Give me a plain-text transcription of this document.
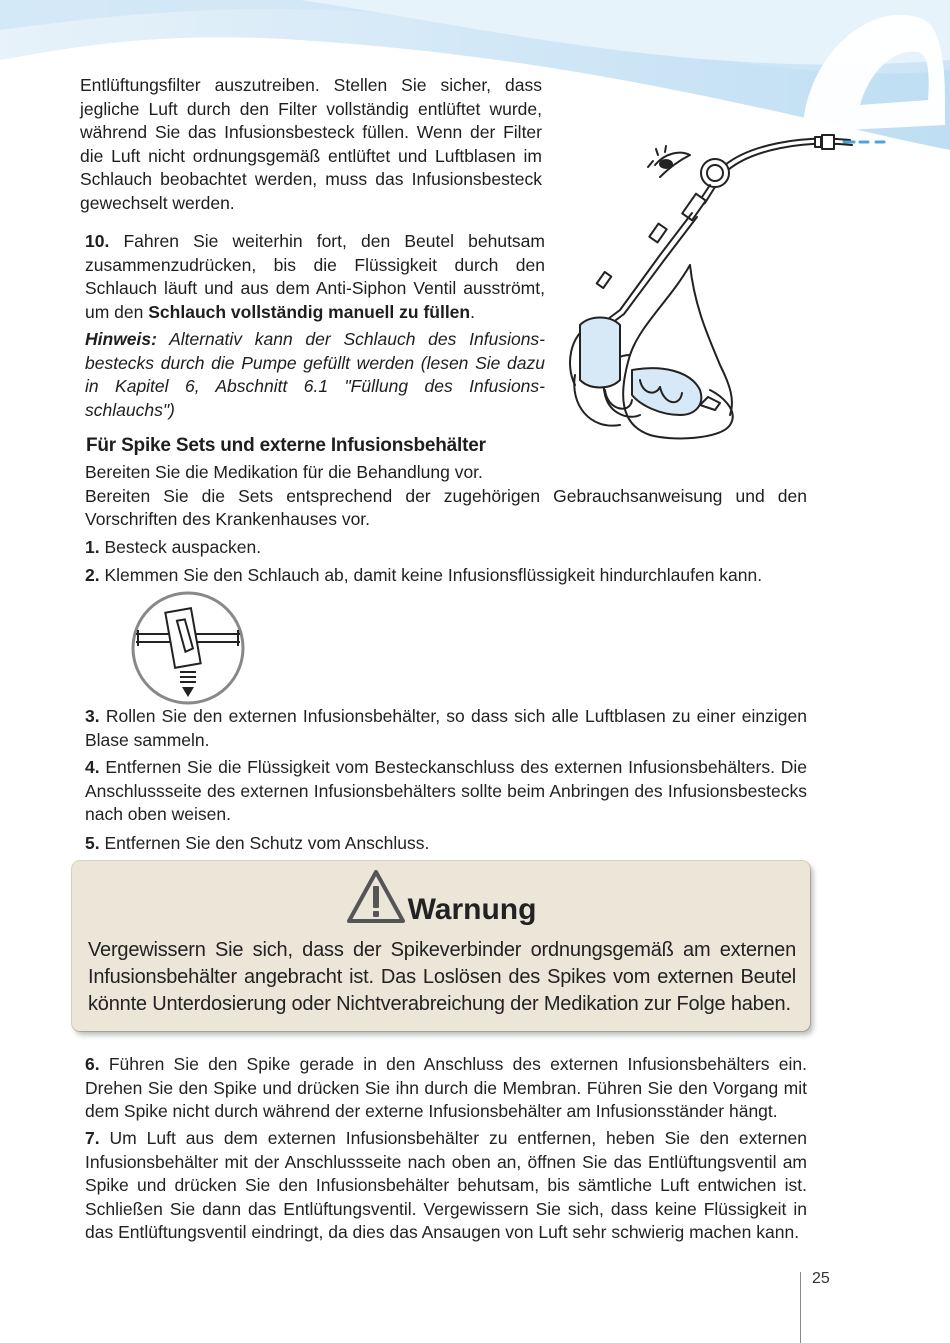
Entlüftungsfilter auszutreiben. Stellen Sie sicher, dass jegliche Luft durch den Filter vollständig entlüftet wurde, während Sie das Infusionsbesteck füllen. Wenn der Filter die Luft nicht ordnungsgemäß entlüftet und Luftblasen im Schlauch beobachtet werden, muss das Infusionsbesteck gewechselt werden.
10. Fahren Sie weiterhin fort, den Beutel behutsam zusammenzudrücken, bis die Flüssigkeit durch den Schlauch läuft und aus dem Anti-Siphon Ventil ausströmt, um den Schlauch vollständig manuell zu füllen.
Hinweis: Alternativ kann der Schlauch des Infusions-bestecks durch die Pumpe gefüllt werden (lesen Sie dazu in Kapitel 6, Abschnitt 6.1 "Füllung des Infusions-schlauchs")
Für Spike Sets und externe Infusionsbehälter
Bereiten Sie die Medikation für die Behandlung vor.
Bereiten Sie die Sets entsprechend der zugehörigen Gebrauchsanweisung und den Vorschriften des Krankenhauses vor.
1. Besteck auspacken.
2. Klemmen Sie den Schlauch ab, damit keine Infusionsflüssigkeit hindurchlaufen kann.
3. Rollen Sie den externen Infusionsbehälter, so dass sich alle Luftblasen zu einer einzigen Blase sammeln.
4. Entfernen Sie die Flüssigkeit vom Besteckanschluss des externen Infusionsbehälters. Die Anschlussseite des externen Infusionsbehälters sollte beim Anbringen des Infusionsbestecks nach oben weisen.
5. Entfernen Sie den Schutz vom Anschluss.
Warnung
Vergewissern Sie sich, dass der Spikeverbinder ordnungsgemäß am externen Infusionsbehälter angebracht ist. Das Loslösen des Spikes vom externen Beutel könnte Unterdosierung oder Nichtverabreichung der Medikation zur Folge haben.
6. Führen Sie den Spike gerade in den Anschluss des externen Infusionsbehälters ein. Drehen Sie den Spike und drücken Sie ihn durch die Membran. Führen Sie den Vorgang mit dem Spike nicht durch während der externe Infusionsbehälter am Infusionsständer hängt.
7. Um Luft aus dem externen Infusionsbehälter zu entfernen, heben Sie den externen Infusionsbehälter mit der Anschlussseite nach oben an, öffnen Sie das Entlüftungsventil am Spike und drücken Sie den Infusionsbehälter behutsam, bis sämtliche Luft entwichen ist. Schließen Sie dann das Entlüftungsventil. Vergewissern Sie sich, dass keine Flüssigkeit in das Entlüftungsventil eindringt, da dies das Ansaugen von Luft sehr schwierig machen kann.
25
